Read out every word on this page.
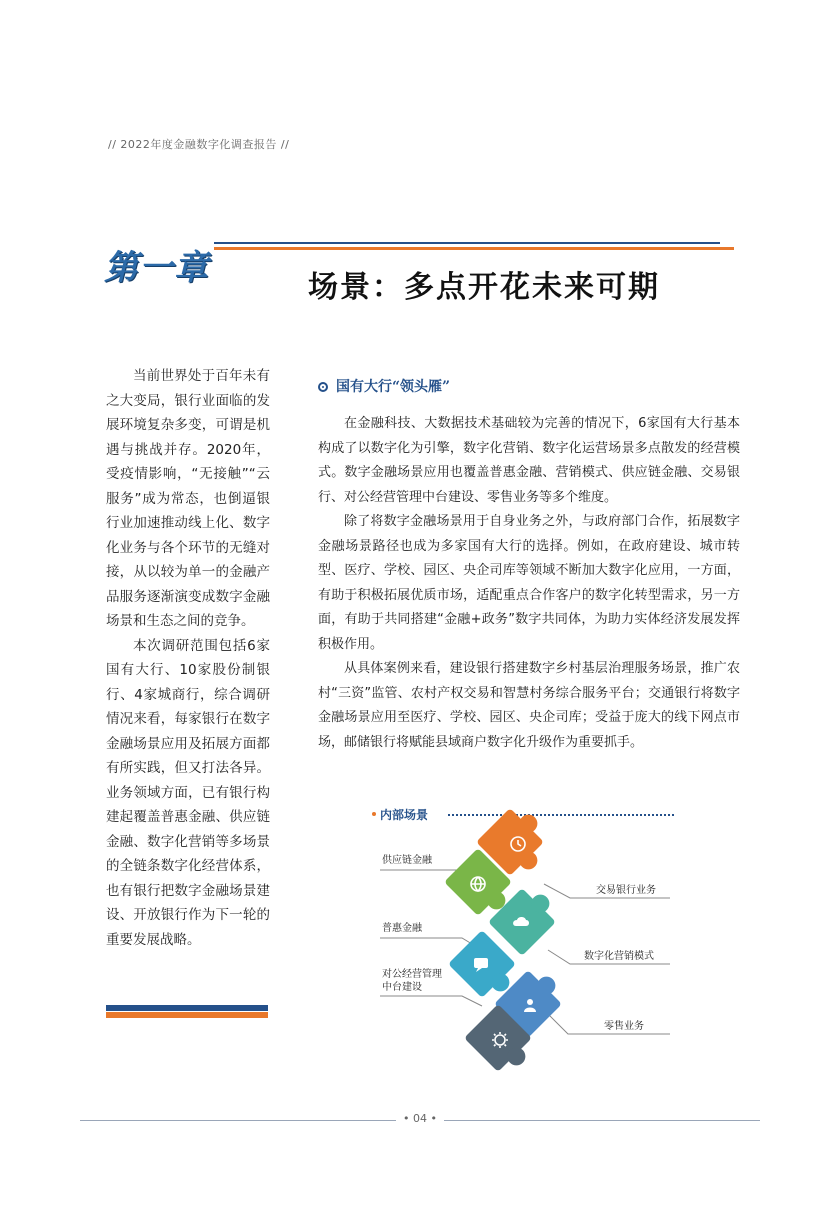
// 2022年度金融数字化调查报告 //
第一章	场景：多点开花未来可期

当前世界处于百年未有之大变局，银行业面临的发展环境复杂多变，可谓是机遇与挑战并存。2020年，受疫情影响，“无接触”“云服务”成为常态，也倒逼银行业加速推动线上化、数字化业务与各个环节的无缝对接，从以较为单一的金融产品服务逐渐演变成数字金融场景和生态之间的竞争。

本次调研范围包括6家国有大行、10家股份制银行、4家城商行，综合调研情况来看，每家银行在数字金融场景应用及拓展方面都有所实践，但又打法各异。业务领域方面，已有银行构建起覆盖普惠金融、供应链金融、数字化营销等多场景的全链条数字化经营体系，也有银行把数字金融场景建设、开放银行作为下一轮的重要发展战略。

国有大行“领头雁”

在金融科技、大数据技术基础较为完善的情况下，6家国有大行基本构成了以数字化为引擎，数字化营销、数字化运营场景多点散发的经营模式。数字金融场景应用也覆盖普惠金融、营销模式、供应链金融、交易银行、对公经营管理中台建设、零售业务等多个维度。

除了将数字金融场景用于自身业务之外，与政府部门合作，拓展数字金融场景路径也成为多家国有大行的选择。例如，在政府建设、城市转型、医疗、学校、园区、央企司库等领域不断加大数字化应用，一方面，有助于积极拓展优质市场，适配重点合作客户的数字化转型需求，另一方面，有助于共同搭建“金融+政务”数字共同体，为助力实体经济发展发挥积极作用。

从具体案例来看，建设银行搭建数字乡村基层治理服务场景，推广农村“三资”监管、农村产权交易和智慧村务综合服务平台；交通银行将数字金融场景应用至医疗、学校、园区、央企司库；受益于庞大的线下网点市场，邮储银行将赋能县域商户数字化升级作为重要抓手。

内部场景
供应链金融
普惠金融
对公经营管理
中台建设
交易银行业务
数字化营销模式
零售业务
• 04 •
